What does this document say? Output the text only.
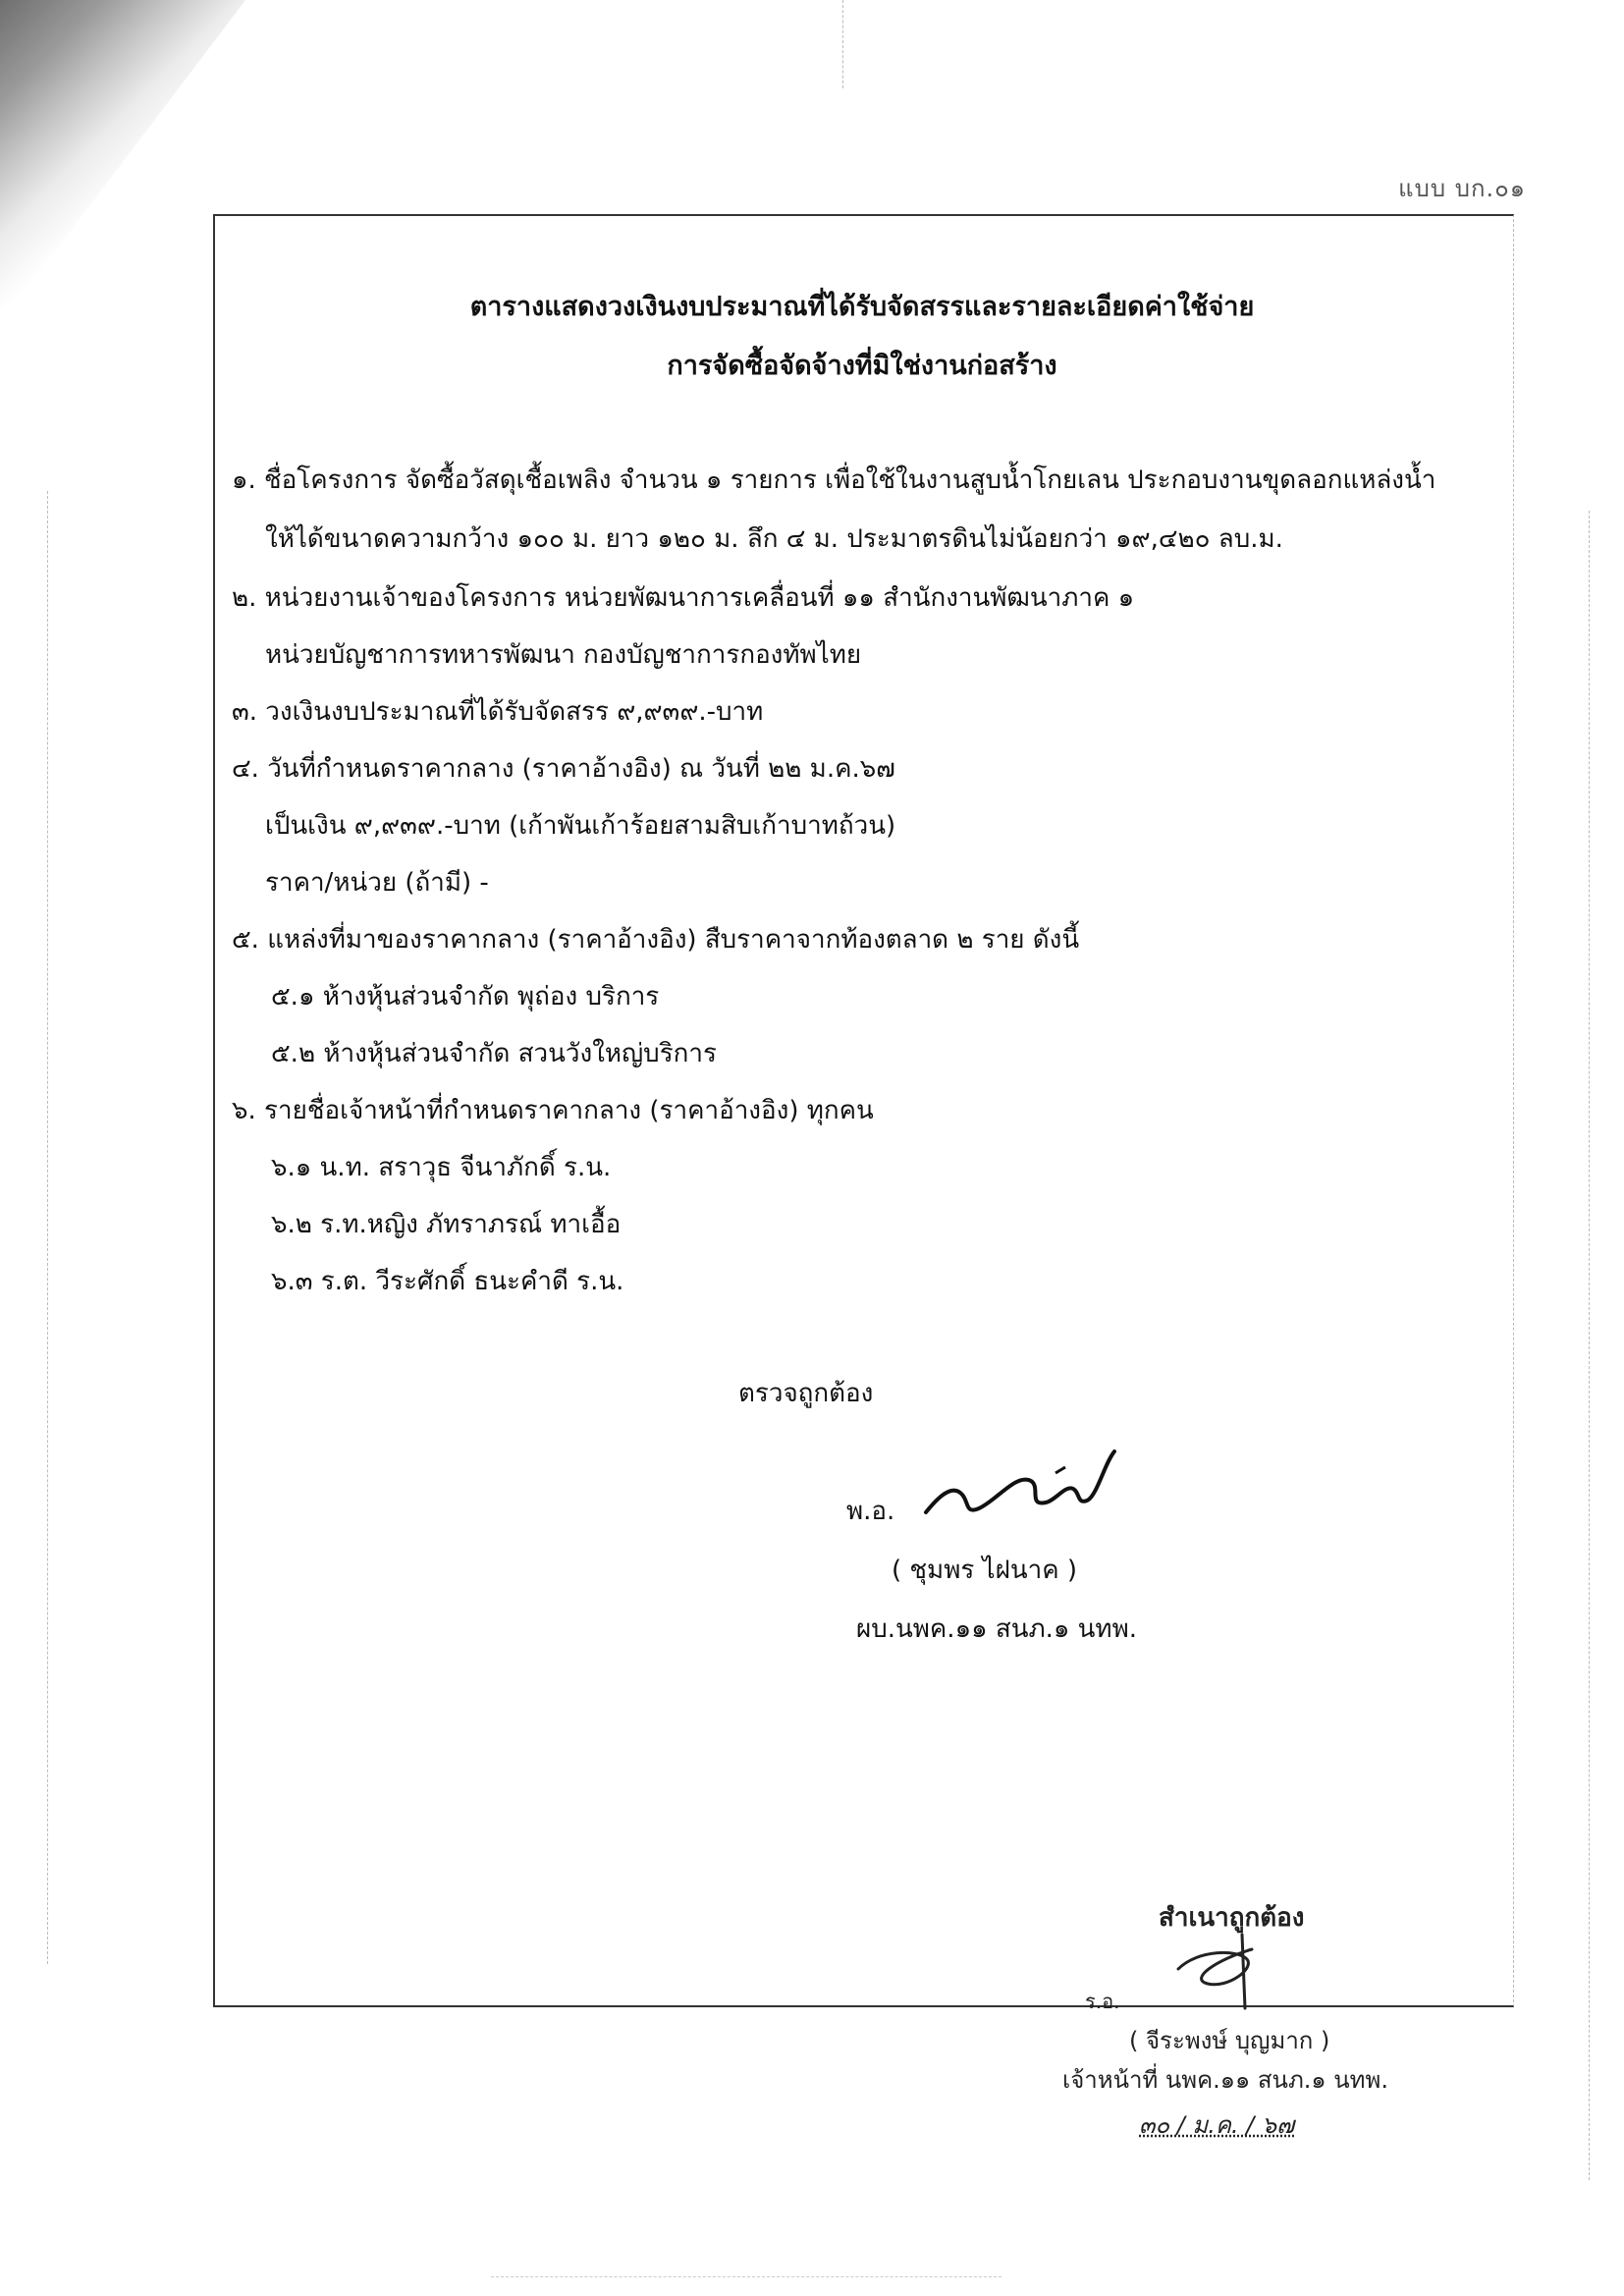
แบบ บก.๐๑
ตารางแสดงวงเงินงบประมาณที่ได้รับจัดสรรและรายละเอียดค่าใช้จ่าย
การจัดซื้อจัดจ้างที่มิใช่งานก่อสร้าง
๑. ชื่อโครงการ จัดซื้อวัสดุเชื้อเพลิง จำนวน ๑ รายการ เพื่อใช้ในงานสูบน้ำโกยเลน ประกอบงานขุดลอกแหล่งน้ำ
ให้ได้ขนาดความกว้าง ๑๐๐ ม. ยาว ๑๒๐ ม. ลึก ๔ ม. ประมาตรดินไม่น้อยกว่า ๑๙,๔๒๐ ลบ.ม.
๒. หน่วยงานเจ้าของโครงการ หน่วยพัฒนาการเคลื่อนที่ ๑๑ สำนักงานพัฒนาภาค ๑
หน่วยบัญชาการทหารพัฒนา กองบัญชาการกองทัพไทย
๓. วงเงินงบประมาณที่ได้รับจัดสรร ๙,๙๓๙.-บาท
๔. วันที่กำหนดราคากลาง (ราคาอ้างอิง) ณ วันที่ ๒๒ ม.ค.๖๗
เป็นเงิน ๙,๙๓๙.-บาท (เก้าพันเก้าร้อยสามสิบเก้าบาทถ้วน)
ราคา/หน่วย (ถ้ามี) -
๕. แหล่งที่มาของราคากลาง (ราคาอ้างอิง) สืบราคาจากท้องตลาด ๒ ราย ดังนี้
๕.๑ ห้างหุ้นส่วนจำกัด พุถ่อง บริการ
๕.๒ ห้างหุ้นส่วนจำกัด สวนวังใหญ่บริการ
๖. รายชื่อเจ้าหน้าที่กำหนดราคากลาง (ราคาอ้างอิง) ทุกคน
๖.๑ น.ท. สราวุธ จีนาภักดิ์ ร.น.
๖.๒ ร.ท.หญิง ภัทราภรณ์ ทาเอื้อ
๖.๓ ร.ต. วีระศักดิ์ ธนะคำดี ร.น.
ตรวจถูกต้อง
พ.อ.
( ชุมพร ไฝนาค )
ผบ.นพค.๑๑ สนภ.๑ นทพ.
สำเนาถูกต้อง
ร.อ.
( จีระพงษ์ บุญมาก )
เจ้าหน้าที่ นพค.๑๑ สนภ.๑ นทพ.
๓๐ / ม.ค. / ๖๗
